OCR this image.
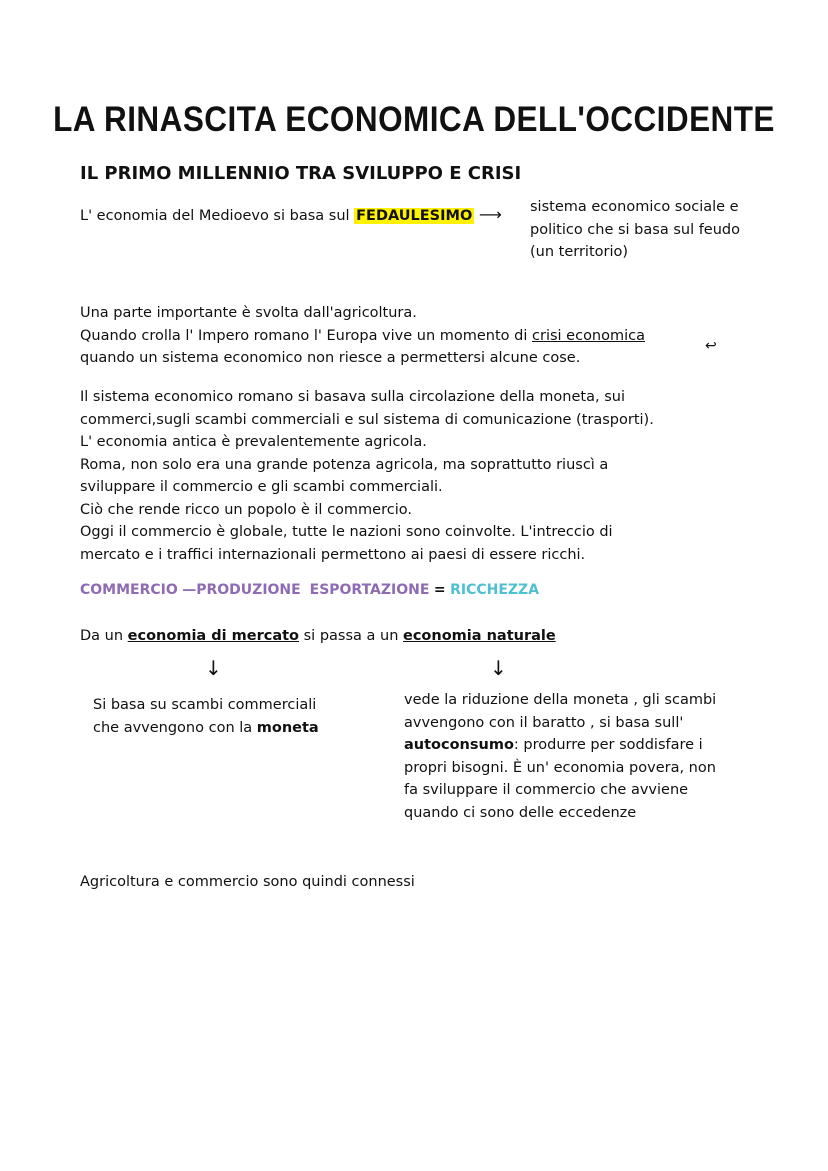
LA RINASCITA ECONOMICA DELL'OCCIDENTE
IL PRIMO MILLENNIO TRA SVILUPPO E CRISI
L' economia del Medioevo si basa sul FEDAULESIMO ⟶ sistema economico sociale e
politico che si basa sul feudo
(un territorio)
Una parte importante è svolta dall'agricoltura.
Quando crolla l' Impero romano l' Europa vive un momento di crisi economica
quando un sistema economico non riesce a permettersi alcune cose.
↩
Il sistema economico romano si basava sulla circolazione della moneta, sui
commerci,sugli scambi commerciali e sul sistema di comunicazione (trasporti).
L' economia antica è prevalentemente agricola.
Roma, non solo era una grande potenza agricola, ma soprattutto riuscì a
sviluppare il commercio e gli scambi commerciali.
Ciò che rende ricco un popolo è il commercio.
Oggi il commercio è globale, tutte le nazioni sono coinvolte. L'intreccio di
mercato e i traffici internazionali permettono ai paesi di essere ricchi.
COMMERCIO —PRODUZIONE ESPORTAZIONE = RICCHEZZA
Da un economia di mercato si passa a un economia naturale
↓	↓
Si basa su scambi commerciali
che avvengono con la moneta
vede la riduzione della moneta , gli scambi
avvengono con il baratto , si basa sull'
autoconsumo: produrre per soddisfare i
propri bisogni. È un' economia povera, non
fa sviluppare il commercio che avviene
quando ci sono delle eccedenze
Agricoltura e commercio sono quindi connessi
